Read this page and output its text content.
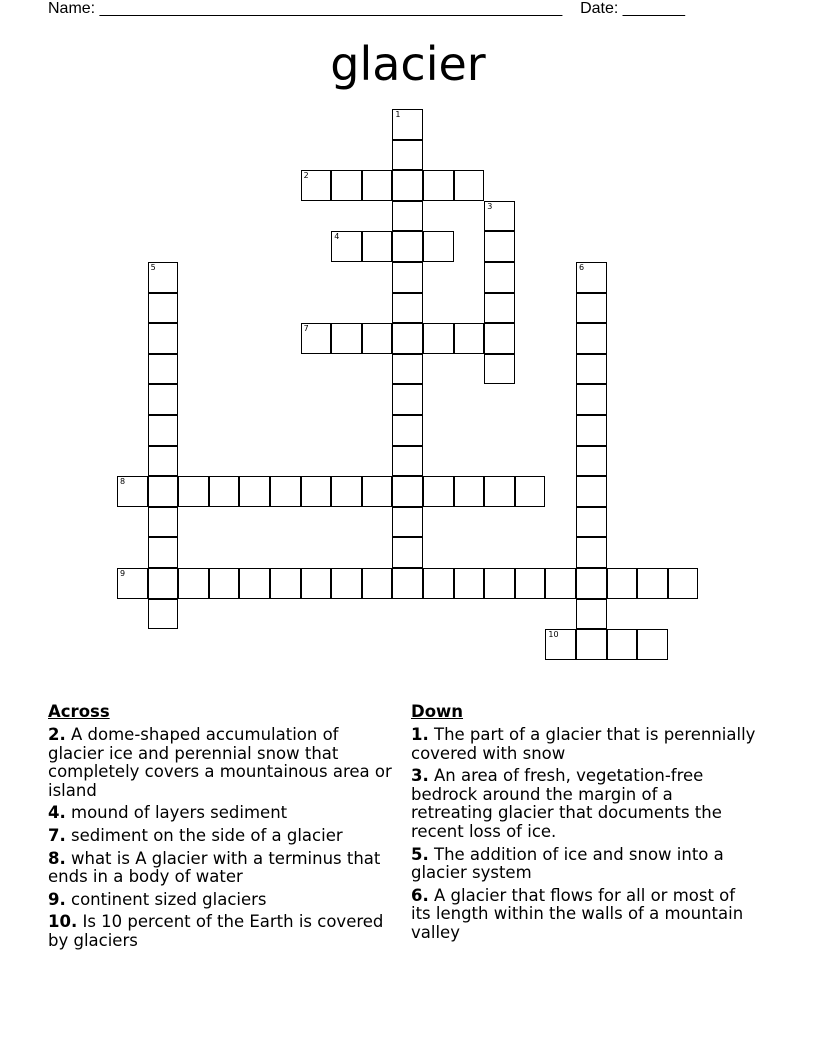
Name: ____________________________________________________ Date: _______
glacier
1
2
3
4
5	6
7
8
9
10
Across
2. A dome-shaped accumulation of glacier ice and perennial snow that completely covers a mountainous area or island
4. mound of layers sediment
7. sediment on the side of a glacier
8. what is A glacier with a terminus that ends in a body of water
9. continent sized glaciers
10. Is 10 percent of the Earth is covered by glaciers
Down
1. The part of a glacier that is perennially covered with snow
3. An area of fresh, vegetation-free bedrock around the margin of a retreating glacier that documents the recent loss of ice.
5. The addition of ice and snow into a glacier system
6. A glacier that flows for all or most of its length within the walls of a mountain valley
